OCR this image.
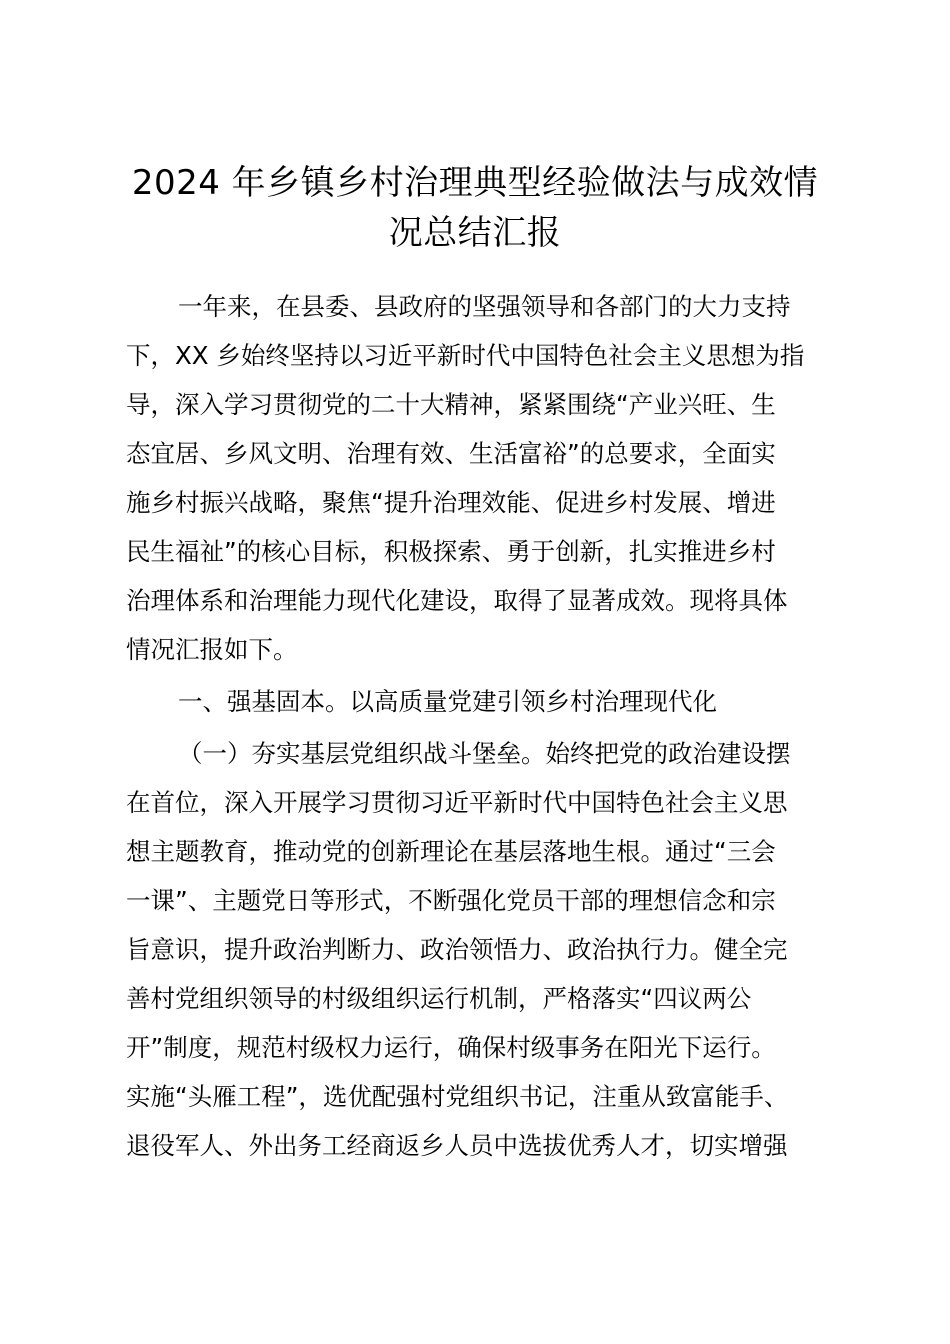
2024 年乡镇乡村治理典型经验做法与成效情
况总结汇报
一年来，在县委、县政府的坚强领导和各部门的大力支持
下，XX 乡始终坚持以习近平新时代中国特色社会主义思想为指
导，深入学习贯彻党的二十大精神，紧紧围绕“产业兴旺、生
态宜居、乡风文明、治理有效、生活富裕”的总要求，全面实
施乡村振兴战略，聚焦“提升治理效能、促进乡村发展、增进
民生福祉”的核心目标，积极探索、勇于创新，扎实推进乡村
治理体系和治理能力现代化建设，取得了显著成效。现将具体
情况汇报如下。
一、强基固本。以高质量党建引领乡村治理现代化
（一）夯实基层党组织战斗堡垒。始终把党的政治建设摆
在首位，深入开展学习贯彻习近平新时代中国特色社会主义思
想主题教育，推动党的创新理论在基层落地生根。通过“三会
一课”、主题党日等形式，不断强化党员干部的理想信念和宗
旨意识，提升政治判断力、政治领悟力、政治执行力。健全完
善村党组织领导的村级组织运行机制，严格落实“四议两公
开”制度，规范村级权力运行，确保村级事务在阳光下运行。
实施“头雁工程”，选优配强村党组织书记，注重从致富能手、
退役军人、外出务工经商返乡人员中选拔优秀人才，切实增强
